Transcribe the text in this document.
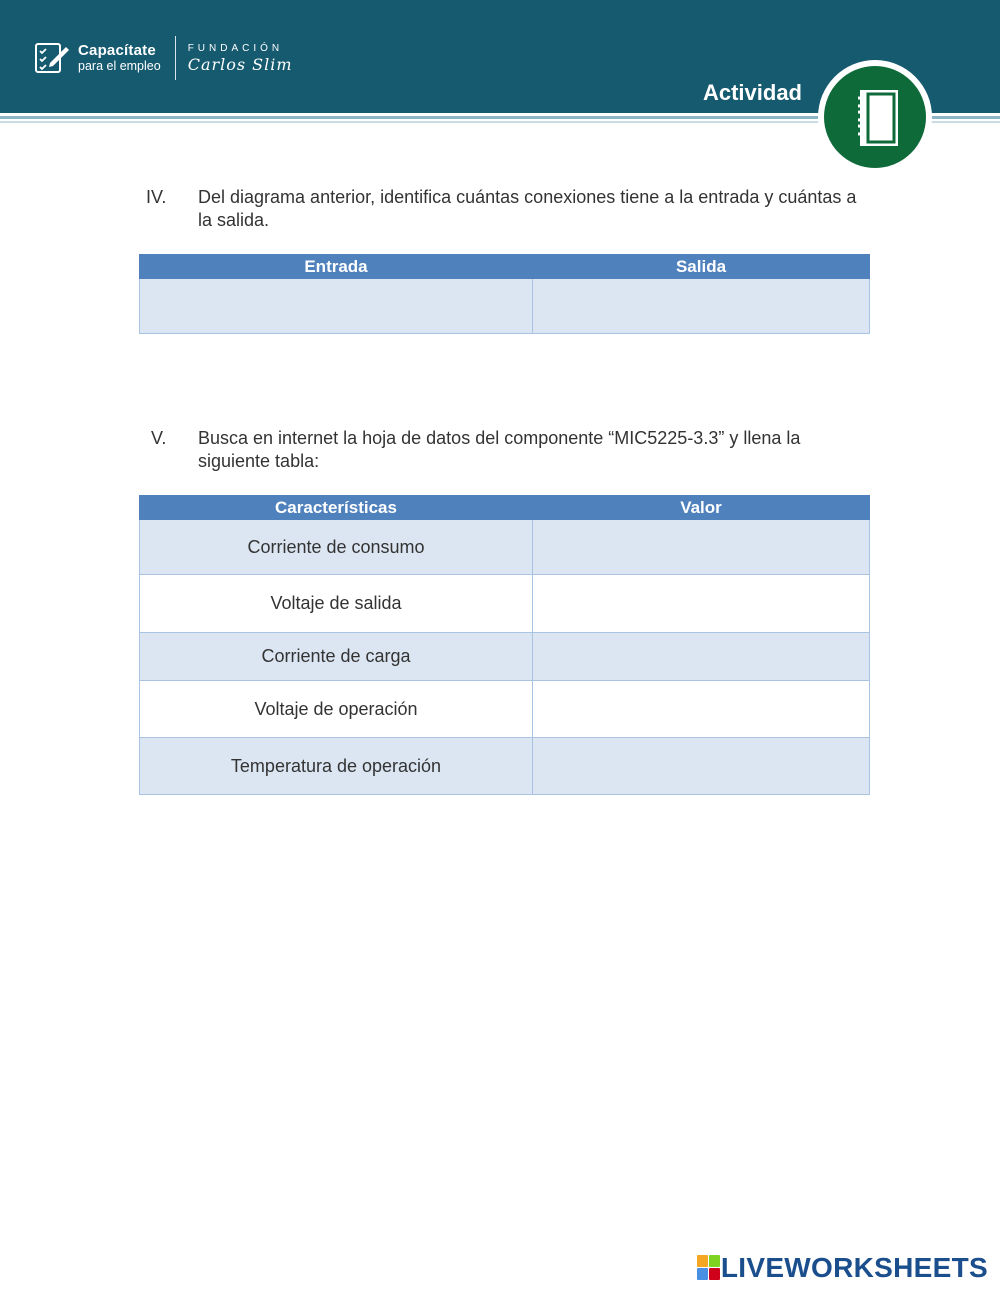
Capacítate
para el empleo
FUNDACIÓN
Carlos Slim
Actividad
IV. Del diagrama anterior, identifica cuántas conexiones tiene a la entrada y cuántas a la salida.
Entrada	Salida

V. Busca en internet la hoja de datos del componente “MIC5225-3.3” y llena la siguiente tabla:
Características	Valor
Corriente de consumo	
Voltaje de salida	
Corriente de carga	
Voltaje de operación	
Temperatura de operación	
LIVEWORKSHEETS
